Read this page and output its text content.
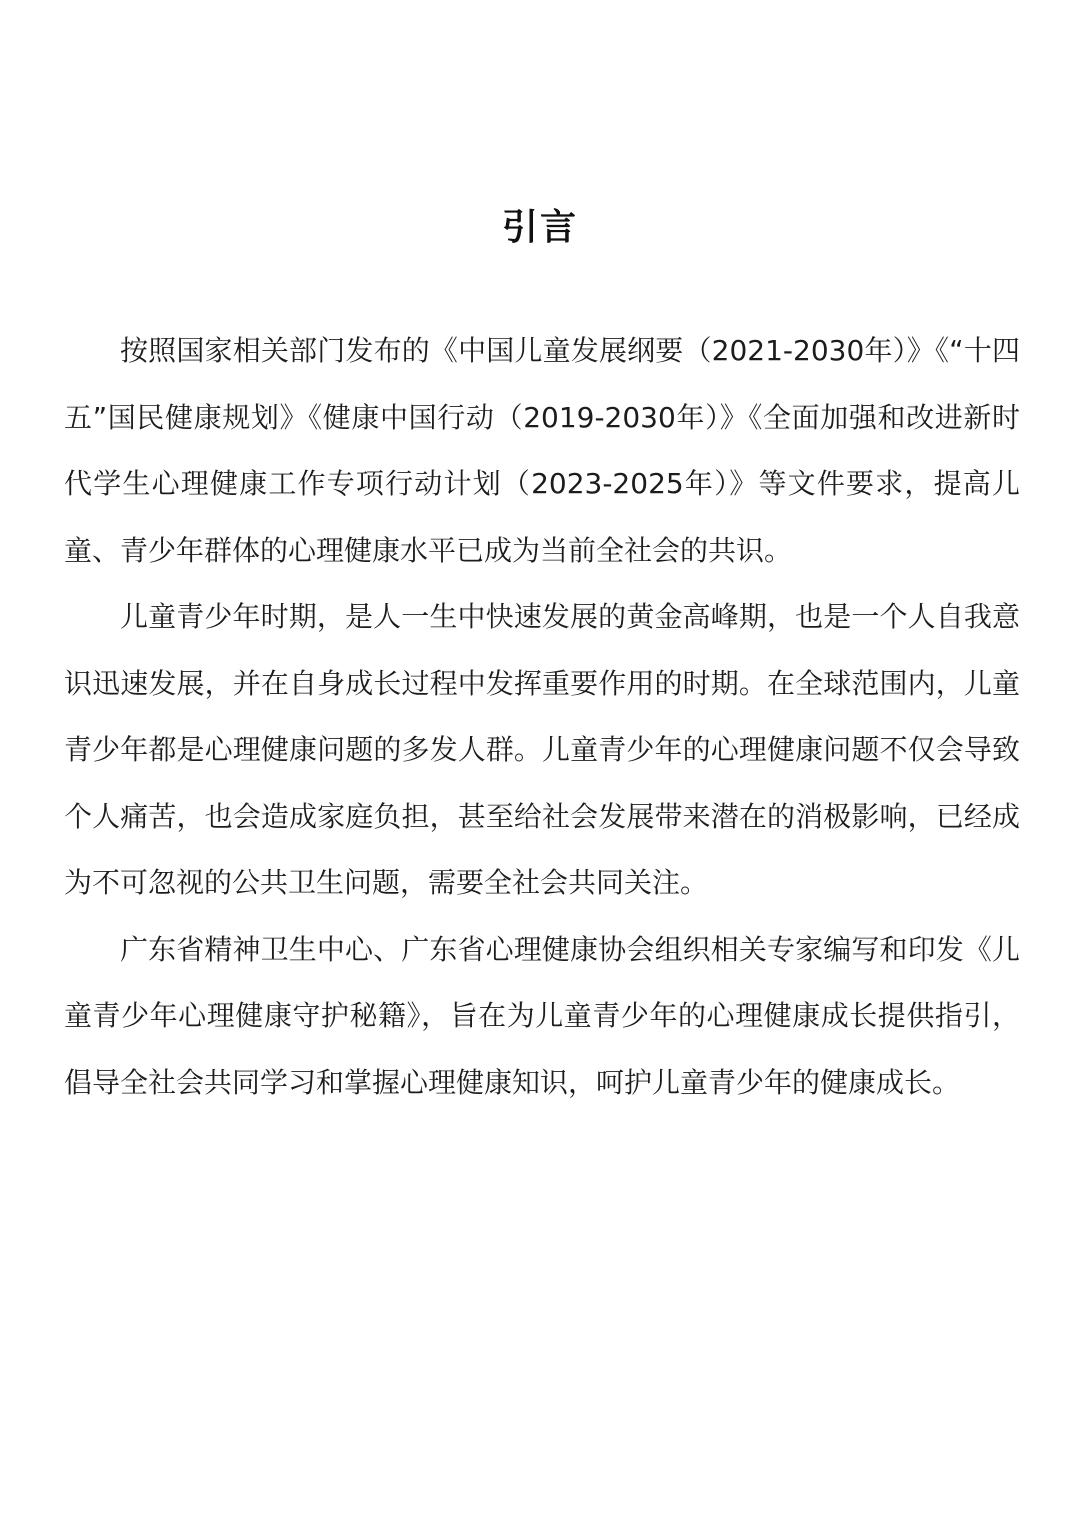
引言

按照国家相关部门发布的《中国儿童发展纲要（2021-2030年）》《“十四五”国民健康规划》《健康中国行动（2019-2030年）》《全面加强和改进新时代学生心理健康工作专项行动计划（2023-2025年）》等文件要求，提高儿童、青少年群体的心理健康水平已成为当前全社会的共识。

儿童青少年时期，是人一生中快速发展的黄金高峰期，也是一个人自我意识迅速发展，并在自身成长过程中发挥重要作用的时期。在全球范围内，儿童青少年都是心理健康问题的多发人群。儿童青少年的心理健康问题不仅会导致个人痛苦，也会造成家庭负担，甚至给社会发展带来潜在的消极影响，已经成为不可忽视的公共卫生问题，需要全社会共同关注。

广东省精神卫生中心、广东省心理健康协会组织相关专家编写和印发《儿童青少年心理健康守护秘籍》，旨在为儿童青少年的心理健康成长提供指引，倡导全社会共同学习和掌握心理健康知识，呵护儿童青少年的健康成长。
